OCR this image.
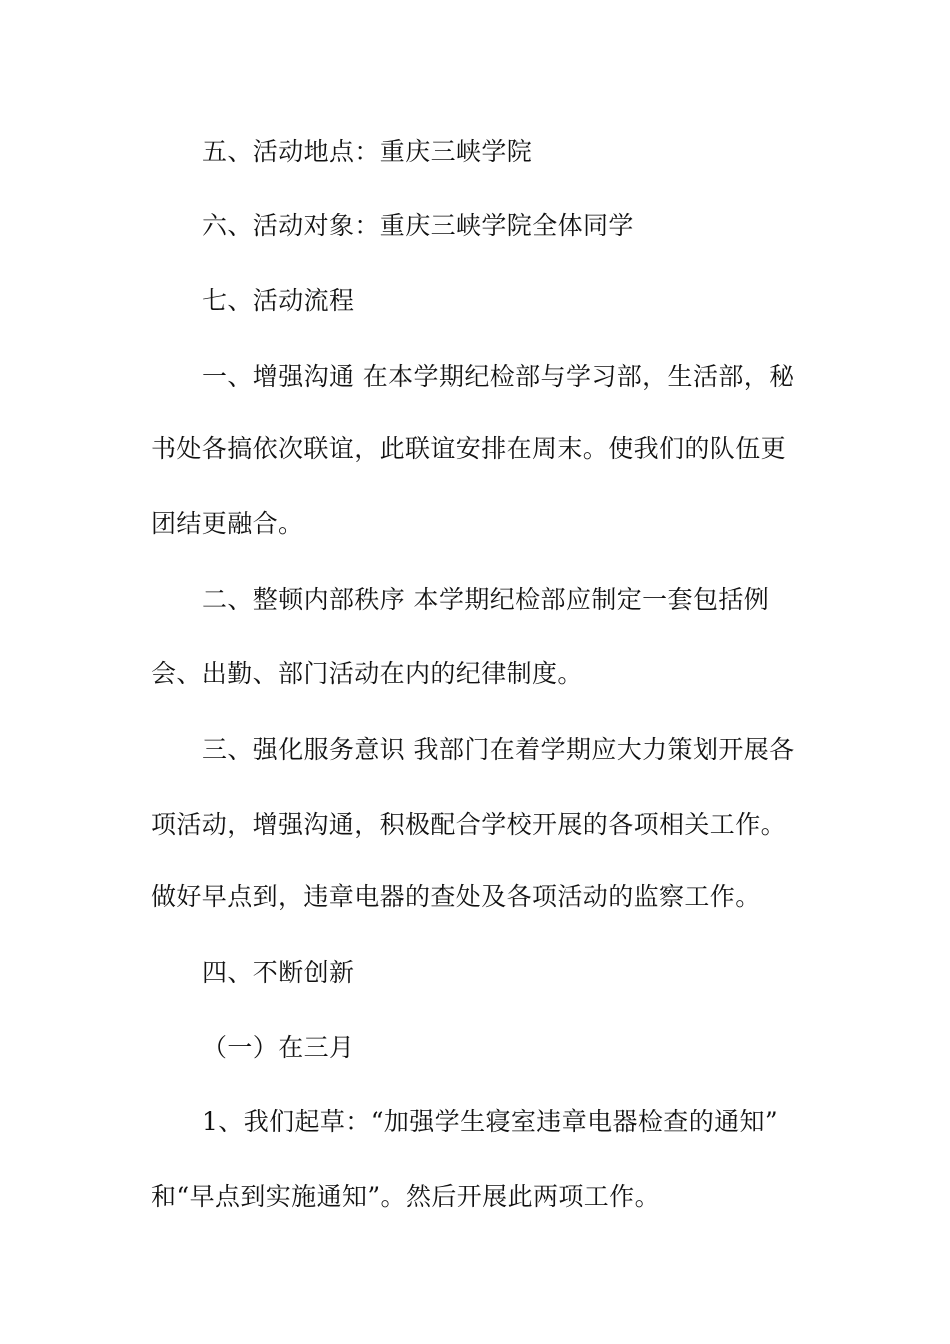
五、活动地点：重庆三峡学院

六、活动对象：重庆三峡学院全体同学

七、活动流程

一、增强沟通 在本学期纪检部与学习部，生活部，秘

书处各搞依次联谊，此联谊安排在周末。使我们的队伍更

团结更融合。

二、整顿内部秩序 本学期纪检部应制定一套包括例

会、出勤、部门活动在内的纪律制度。

三、强化服务意识 我部门在着学期应大力策划开展各

项活动，增强沟通，积极配合学校开展的各项相关工作。

做好早点到，违章电器的查处及各项活动的监察工作。

四、不断创新

（一）在三月

1、我们起草：“加强学生寝室违章电器检查的通知”

和“早点到实施通知”。然后开展此两项工作。
